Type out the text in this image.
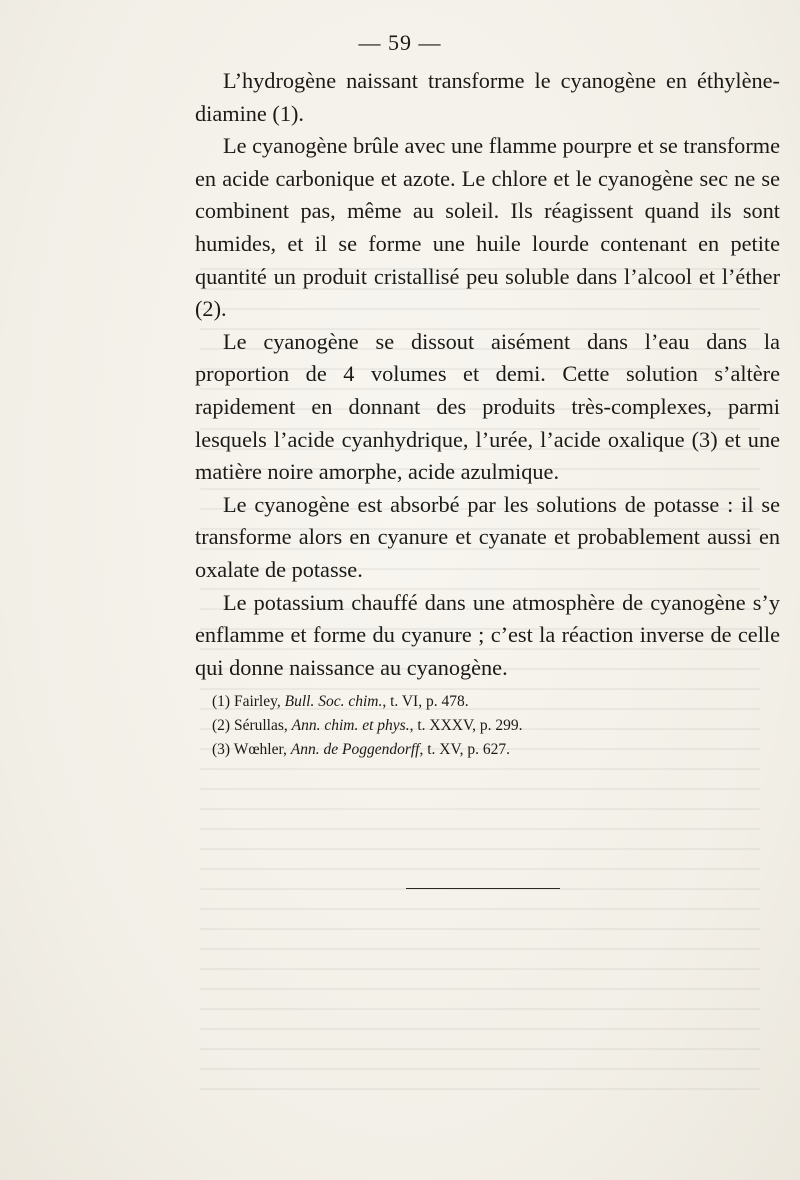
— 59 —

L’hydrogène naissant transforme le cyanogène en éthylène-diamine (1).

Le cyanogène brûle avec une flamme pourpre et se transforme en acide carbonique et azote. Le chlore et le cyanogène sec ne se combinent pas, même au soleil. Ils réagissent quand ils sont humides, et il se forme une huile lourde contenant en petite quantité un produit cristallisé peu soluble dans l’alcool et l’éther (2).

Le cyanogène se dissout aisément dans l’eau dans la proportion de 4 volumes et demi. Cette solution s’altère rapidement en donnant des produits très-complexes, parmi lesquels l’acide cyanhydrique, l’urée, l’acide oxalique (3) et une matière noire amorphe, acide azulmique.

Le cyanogène est absorbé par les solutions de potasse : il se transforme alors en cyanure et cyanate et probablement aussi en oxalate de potasse.

Le potassium chauffé dans une atmosphère de cyanogène s’y enflamme et forme du cyanure ; c’est la réaction inverse de celle qui donne naissance au cyanogène.

(1) Fairley, Bull. Soc. chim., t. VI, p. 478.
(2) Sérullas, Ann. chim. et phys., t. XXXV, p. 299.
(3) Wœhler, Ann. de Poggendorff, t. XV, p. 627.
